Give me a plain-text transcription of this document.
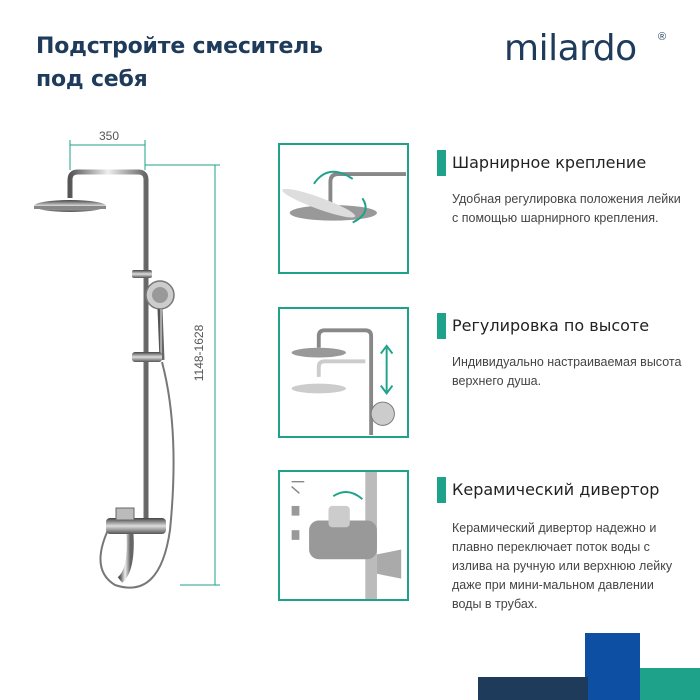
Подстройте смеситель
под себя
milardo ®
350
1148-1628
Шарнирное крепление
Удобная регулировка положения лейки с помощью шарнирного крепления.
Регулировка по высоте
Индивидуально настраиваемая высота верхнего душа.
Керамический дивертор
Керамический дивертор надежно и плавно переключает поток воды с излива на ручную или верхнюю лейку даже при мини-мальном давлении воды в трубах.
